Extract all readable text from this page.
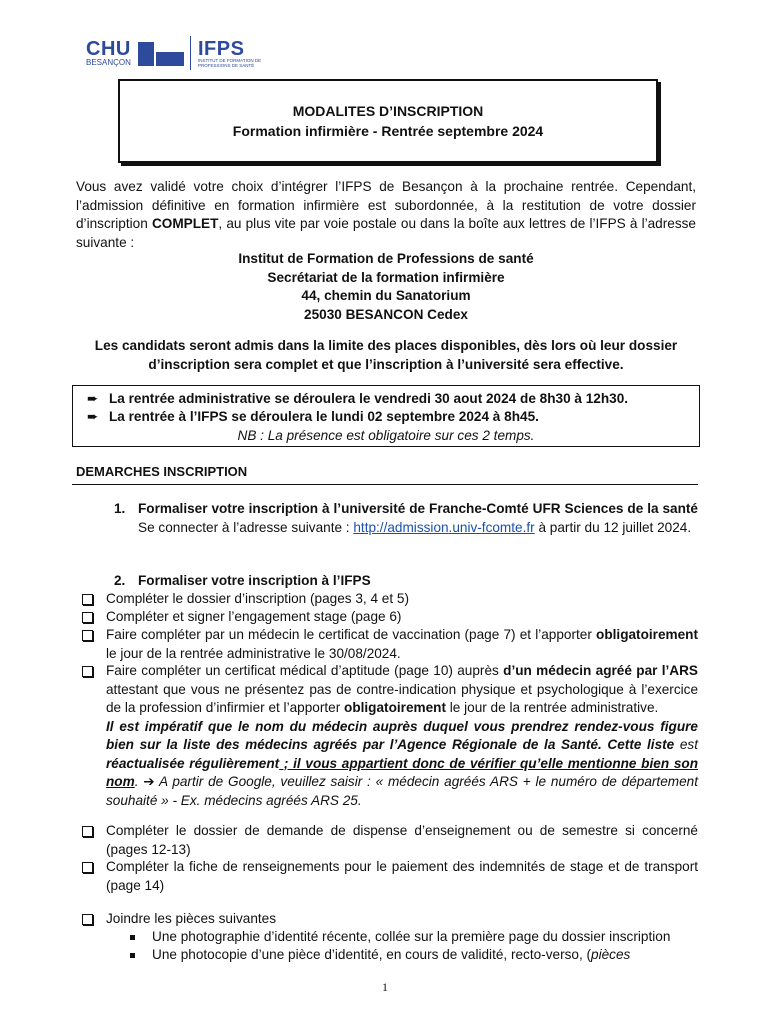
CHU
BESANÇON
IFPS
INSTITUT DE FORMATION DE PROFESSIONS DE SANTÉ
MODALITES D’INSCRIPTION
Formation infirmière - Rentrée septembre 2024
Vous avez validé votre choix d’intégrer l’IFPS de Besançon à la prochaine rentrée. Cependant, l’admission définitive en formation infirmière est subordonnée, à la restitution de votre dossier d’inscription COMPLET, au plus vite par voie postale ou dans la boîte aux lettres de l’IFPS à l’adresse suivante :
Institut de Formation de Professions de santé
Secrétariat de la formation infirmière
44, chemin du Sanatorium
25030 BESANCON Cedex
Les candidats seront admis dans la limite des places disponibles, dès lors où leur dossier d’inscription sera complet et que l’inscription à l’université sera effective.
➨ La rentrée administrative se déroulera le vendredi 30 aout 2024 de 8h30 à 12h30.
➨ La rentrée à l’IFPS se déroulera le lundi 02 septembre 2024 à 8h45.
NB : La présence est obligatoire sur ces 2 temps.
DEMARCHES INSCRIPTION
1. Formaliser votre inscription à l’université de Franche-Comté UFR Sciences de la santé Se connecter à l’adresse suivante : http://admission.univ-fcomte.fr à partir du 12 juillet 2024.
2. Formaliser votre inscription à l’IFPS
Compléter le dossier d’inscription (pages 3, 4 et 5)
Compléter et signer l’engagement stage (page 6)
Faire compléter par un médecin le certificat de vaccination (page 7) et l’apporter obligatoirement le jour de la rentrée administrative le 30/08/2024.
Faire compléter un certificat médical d’aptitude (page 10) auprès d’un médecin agréé par l’ARS attestant que vous ne présentez pas de contre-indication physique et psychologique à l’exercice de la profession d’infirmier et l’apporter obligatoirement le jour de la rentrée administrative.
Il est impératif que le nom du médecin auprès duquel vous prendrez rendez-vous figure bien sur la liste des médecins agréés par l’Agence Régionale de la Santé. Cette liste est réactualisée régulièrement ; il vous appartient donc de vérifier qu’elle mentionne bien son nom. ➔ A partir de Google, veuillez saisir : « médecin agréés ARS + le numéro de département souhaité » - Ex. médecins agréés ARS 25.
Compléter le dossier de demande de dispense d’enseignement ou de semestre si concerné (pages 12-13)
Compléter la fiche de renseignements pour le paiement des indemnités de stage et de transport (page 14)
Joindre les pièces suivantes
Une photographie d’identité récente, collée sur la première page du dossier inscription
Une photocopie d’une pièce d’identité, en cours de validité, recto-verso, (pièces
1
